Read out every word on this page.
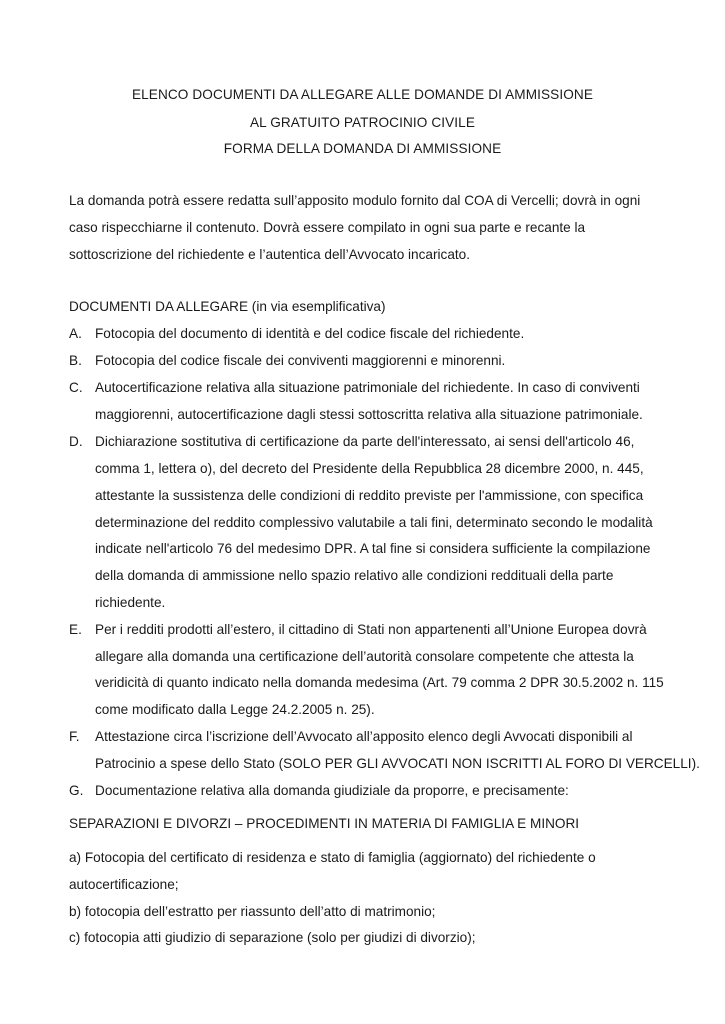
ELENCO DOCUMENTI DA ALLEGARE ALLE DOMANDE DI AMMISSIONE
AL GRATUITO PATROCINIO CIVILE
FORMA DELLA DOMANDA DI AMMISSIONE
La domanda potrà essere redatta sull’apposito modulo fornito dal COA di Vercelli; dovrà in ogni
caso rispecchiarne il contenuto. Dovrà essere compilato in ogni sua parte e recante la
sottoscrizione del richiedente e l’autentica dell’Avvocato incaricato.
DOCUMENTI DA ALLEGARE (in via esemplificativa)
A. Fotocopia del documento di identità e del codice fiscale del richiedente.
B. Fotocopia del codice fiscale dei conviventi maggiorenni e minorenni.
C. Autocertificazione relativa alla situazione patrimoniale del richiedente. In caso di conviventi
maggiorenni, autocertificazione dagli stessi sottoscritta relativa alla situazione patrimoniale.
D. Dichiarazione sostitutiva di certificazione da parte dell'interessato, ai sensi dell'articolo 46,
comma 1, lettera o), del decreto del Presidente della Repubblica 28 dicembre 2000, n. 445,
attestante la sussistenza delle condizioni di reddito previste per l'ammissione, con specifica
determinazione del reddito complessivo valutabile a tali fini, determinato secondo le modalità
indicate nell'articolo 76 del medesimo DPR. A tal fine si considera sufficiente la compilazione
della domanda di ammissione nello spazio relativo alle condizioni reddituali della parte
richiedente.
E. Per i redditi prodotti all’estero, il cittadino di Stati non appartenenti all’Unione Europea dovrà
allegare alla domanda una certificazione dell’autorità consolare competente che attesta la
veridicità di quanto indicato nella domanda medesima (Art. 79 comma 2 DPR 30.5.2002 n. 115
come modificato dalla Legge 24.2.2005 n. 25).
F. Attestazione circa l’iscrizione dell’Avvocato all’apposito elenco degli Avvocati disponibili al
Patrocinio a spese dello Stato (SOLO PER GLI AVVOCATI NON ISCRITTI AL FORO DI VERCELLI).
G. Documentazione relativa alla domanda giudiziale da proporre, e precisamente:
SEPARAZIONI E DIVORZI – PROCEDIMENTI IN MATERIA DI FAMIGLIA E MINORI
a) Fotocopia del certificato di residenza e stato di famiglia (aggiornato) del richiedente o
autocertificazione;
b) fotocopia dell’estratto per riassunto dell’atto di matrimonio;
c) fotocopia atti giudizio di separazione (solo per giudizi di divorzio);
